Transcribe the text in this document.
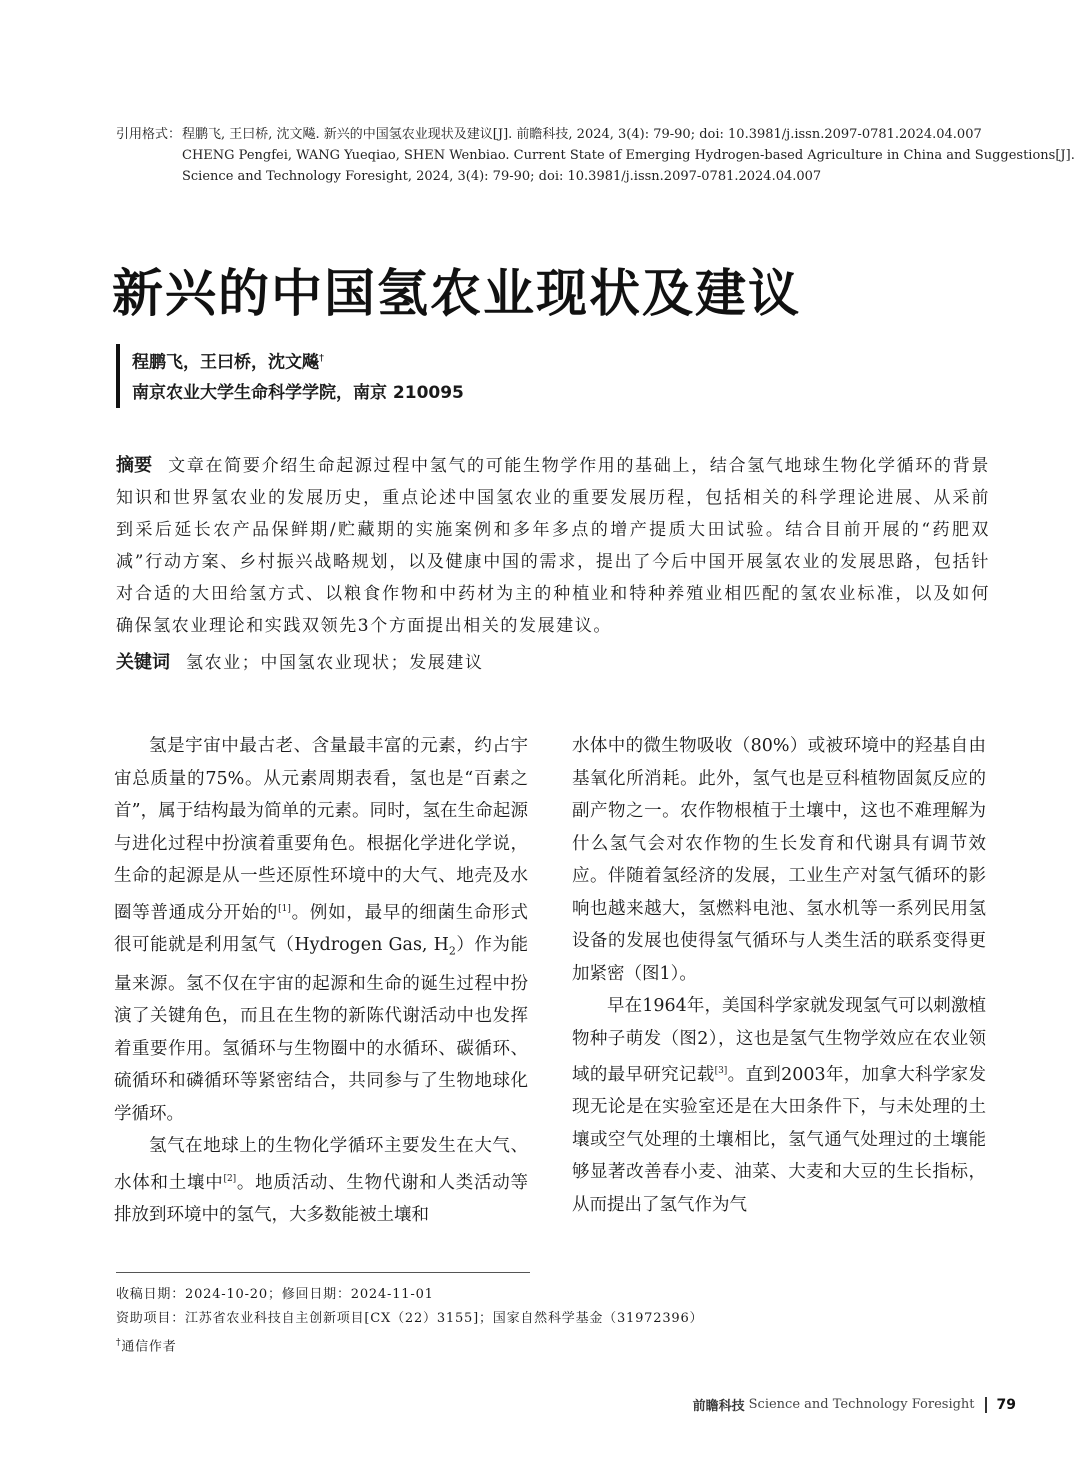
引用格式：程鹏飞, 王曰桥, 沈文飚. 新兴的中国氢农业现状及建议[J]. 前瞻科技, 2024, 3(4): 79-90; doi: 10.3981/j.issn.2097-0781.2024.04.007
CHENG Pengfei, WANG Yueqiao, SHEN Wenbiao. Current State of Emerging Hydrogen-based Agriculture in China and Suggestions[J].
Science and Technology Foresight, 2024, 3(4): 79-90; doi: 10.3981/j.issn.2097-0781.2024.04.007
新兴的中国氢农业现状及建议
程鹏飞，王曰桥，沈文飚†
南京农业大学生命科学学院，南京 210095
摘要 文章在简要介绍生命起源过程中氢气的可能生物学作用的基础上，结合氢气地球生物化学循环的背景知识和世界氢农业的发展历史，重点论述中国氢农业的重要发展历程，包括相关的科学理论进展、从采前到采后延长农产品保鲜期/贮藏期的实施案例和多年多点的增产提质大田试验。结合目前开展的“药肥双减”行动方案、乡村振兴战略规划，以及健康中国的需求，提出了今后中国开展氢农业的发展思路，包括针对合适的大田给氢方式、以粮食作物和中药材为主的种植业和特种养殖业相匹配的氢农业标准，以及如何确保氢农业理论和实践双领先3个方面提出相关的发展建议。
关键词 氢农业；中国氢农业现状；发展建议

氢是宇宙中最古老、含量最丰富的元素，约占宇宙总质量的75%。从元素周期表看，氢也是“百素之首”，属于结构最为简单的元素。同时，氢在生命起源与进化过程中扮演着重要角色。根据化学进化学说，生命的起源是从一些还原性环境中的大气、地壳及水圈等普通成分开始的[1]。例如，最早的细菌生命形式很可能就是利用氢气（Hydrogen Gas, $H_2$）作为能量来源。氢不仅在宇宙的起源和生命的诞生过程中扮演了关键角色，而且在生物的新陈代谢活动中也发挥着重要作用。氢循环与生物圈中的水循环、碳循环、硫循环和磷循环等紧密结合，共同参与了生物地球化学循环。

氢气在地球上的生物化学循环主要发生在大气、水体和土壤中[2]。地质活动、生物代谢和人类活动等排放到环境中的氢气，大多数能被土壤和

水体中的微生物吸收（80%）或被环境中的羟基自由基氧化所消耗。此外，氢气也是豆科植物固氮反应的副产物之一。农作物根植于土壤中，这也不难理解为什么氢气会对农作物的生长发育和代谢具有调节效应。伴随着氢经济的发展，工业生产对氢气循环的影响也越来越大，氢燃料电池、氢水机等一系列民用氢设备的发展也使得氢气循环与人类生活的联系变得更加紧密（图1）。

早在1964年，美国科学家就发现氢气可以刺激植物种子萌发（图2），这也是氢气生物学效应在农业领域的最早研究记载[3]。直到2003年，加拿大科学家发现无论是在实验室还是在大田条件下，与未处理的土壤或空气处理的土壤相比，氢气通气处理过的土壤能够显著改善春小麦、油菜、大麦和大豆的生长指标，从而提出了氢气作为气

收稿日期：2024-10-20；修回日期：2024-11-01
资助项目：江苏省农业科技自主创新项目[CX（22）3155]；国家自然科学基金（31972396）
†通信作者
前瞻科技 Science and Technology Foresight 79
